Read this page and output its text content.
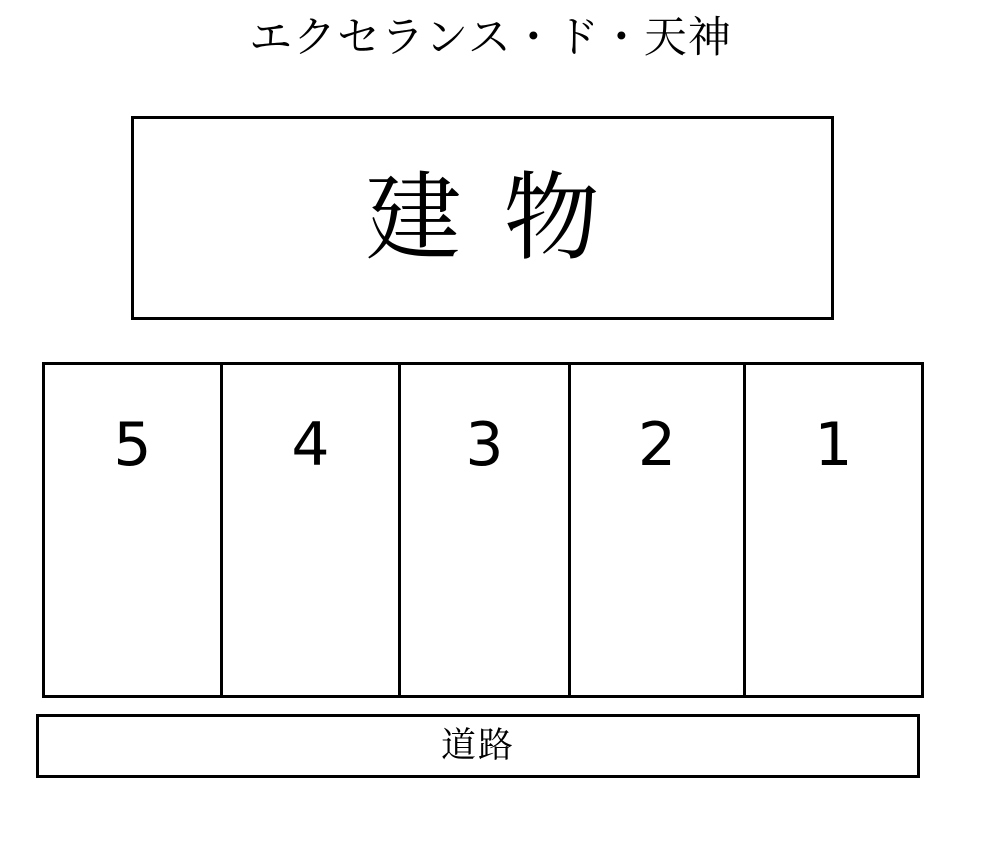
エクセランス・ド・天神
建物
5	4	3	2	1
道路
